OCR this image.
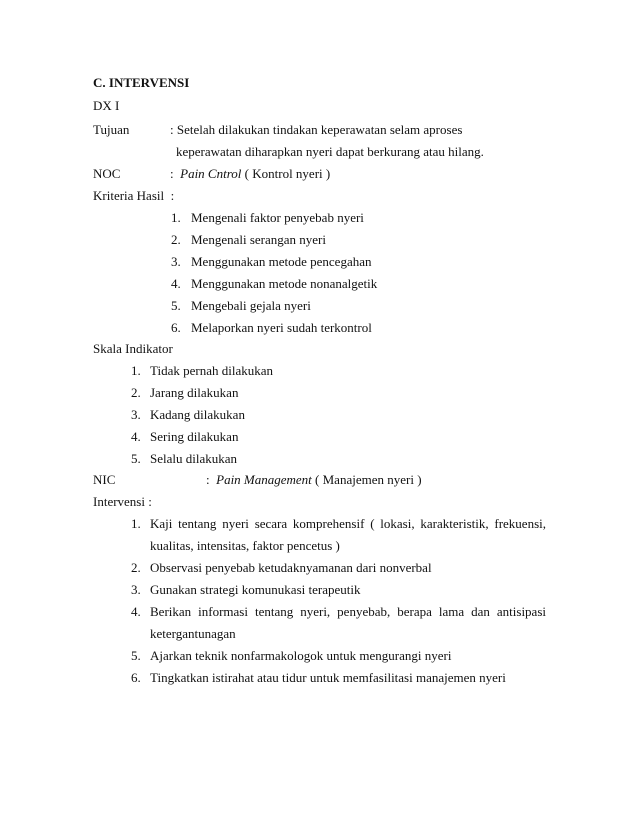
C. INTERVENSI
DX I
Tujuan	: Setelah dilakukan tindakan keperawatan selam aproses
keperawatan diharapkan nyeri dapat berkurang atau hilang.
NOC	: Pain Cntrol ( Kontrol nyeri )
Kriteria Hasil :
1. Mengenali faktor penyebab nyeri
2. Mengenali serangan nyeri
3. Menggunakan metode pencegahan
4. Menggunakan metode nonanalgetik
5. Mengebali gejala nyeri
6. Melaporkan nyeri sudah terkontrol
Skala Indikator
1. Tidak pernah dilakukan
2. Jarang dilakukan
3. Kadang dilakukan
4. Sering dilakukan
5. Selalu dilakukan
NIC	: Pain Management ( Manajemen nyeri )
Intervensi :
1. Kaji tentang nyeri secara komprehensif ( lokasi, karakteristik, frekuensi,
kualitas, intensitas, faktor pencetus )
2. Observasi penyebab ketudaknyamanan dari nonverbal
3. Gunakan strategi komunukasi terapeutik
4. Berikan informasi tentang nyeri, penyebab, berapa lama dan antisipasi
ketergantunagan
5. Ajarkan teknik nonfarmakologok untuk mengurangi nyeri
6. Tingkatkan istirahat atau tidur untuk memfasilitasi manajemen nyeri
